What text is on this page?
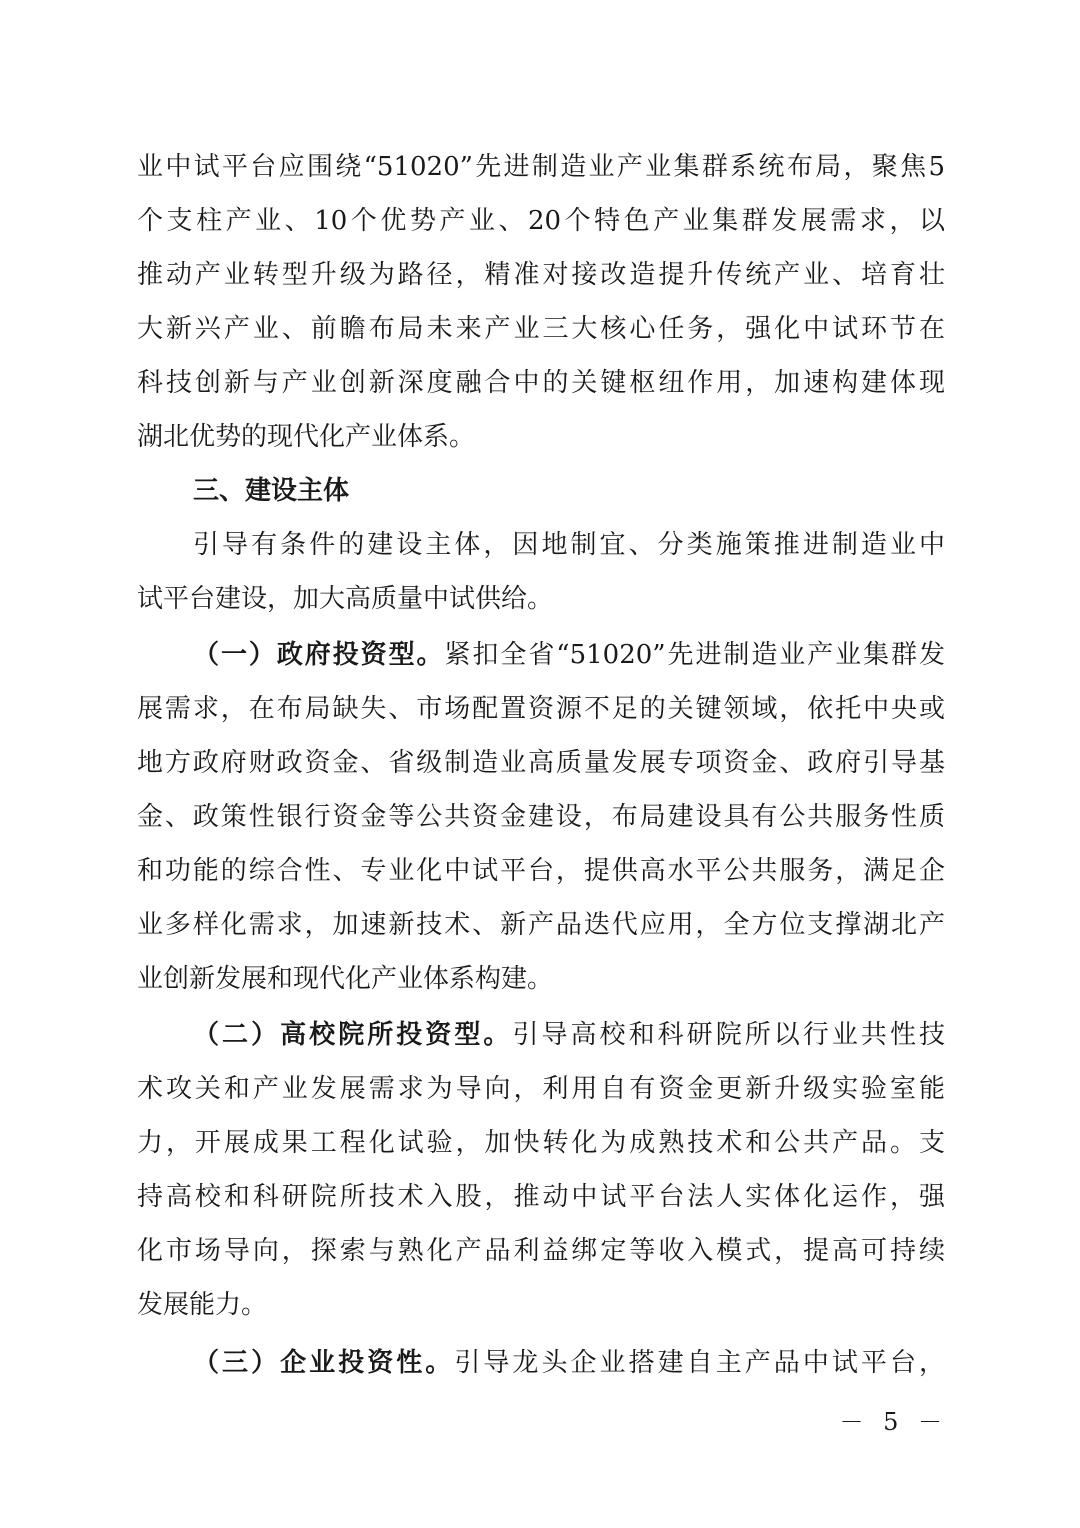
业中试平台应围绕“51020”先进制造业产业集群系统布局，聚焦5
个支柱产业、10个优势产业、20个特色产业集群发展需求，以
推动产业转型升级为路径，精准对接改造提升传统产业、培育壮
大新兴产业、前瞻布局未来产业三大核心任务，强化中试环节在
科技创新与产业创新深度融合中的关键枢纽作用，加速构建体现
湖北优势的现代化产业体系。
三、建设主体
引导有条件的建设主体，因地制宜、分类施策推进制造业中
试平台建设，加大高质量中试供给。
（一）政府投资型。紧扣全省“51020”先进制造业产业集群发
展需求，在布局缺失、市场配置资源不足的关键领域，依托中央或
地方政府财政资金、省级制造业高质量发展专项资金、政府引导基
金、政策性银行资金等公共资金建设，布局建设具有公共服务性质
和功能的综合性、专业化中试平台，提供高水平公共服务，满足企
业多样化需求，加速新技术、新产品迭代应用，全方位支撑湖北产
业创新发展和现代化产业体系构建。
（二）高校院所投资型。引导高校和科研院所以行业共性技
术攻关和产业发展需求为导向，利用自有资金更新升级实验室能
力，开展成果工程化试验，加快转化为成熟技术和公共产品。支
持高校和科研院所技术入股，推动中试平台法人实体化运作，强
化市场导向，探索与熟化产品利益绑定等收入模式，提高可持续
发展能力。
（三）企业投资性。引导龙头企业搭建自主产品中试平台，
－ 5 －
